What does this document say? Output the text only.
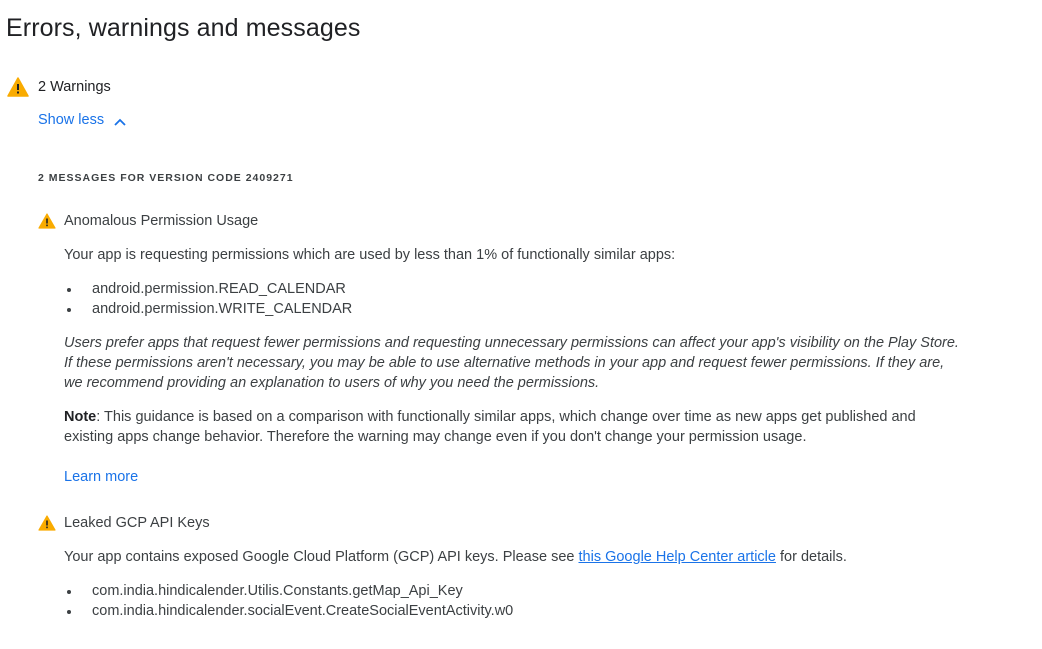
Errors, warnings and messages
2 Warnings
Show less
2 MESSAGES FOR VERSION CODE 2409271
Anomalous Permission Usage
Your app is requesting permissions which are used by less than 1% of functionally similar apps:
android.permission.READ_CALENDAR
android.permission.WRITE_CALENDAR
Users prefer apps that request fewer permissions and requesting unnecessary permissions can affect your app's visibility on the Play Store. If these permissions aren't necessary, you may be able to use alternative methods in your app and request fewer permissions. If they are, we recommend providing an explanation to users of why you need the permissions.
Note: This guidance is based on a comparison with functionally similar apps, which change over time as new apps get published and existing apps change behavior. Therefore the warning may change even if you don't change your permission usage.
Learn more
Leaked GCP API Keys
Your app contains exposed Google Cloud Platform (GCP) API keys. Please see this Google Help Center article for details.
com.india.hindicalender.Utilis.Constants.getMap_Api_Key
com.india.hindicalender.socialEvent.CreateSocialEventActivity.w0
